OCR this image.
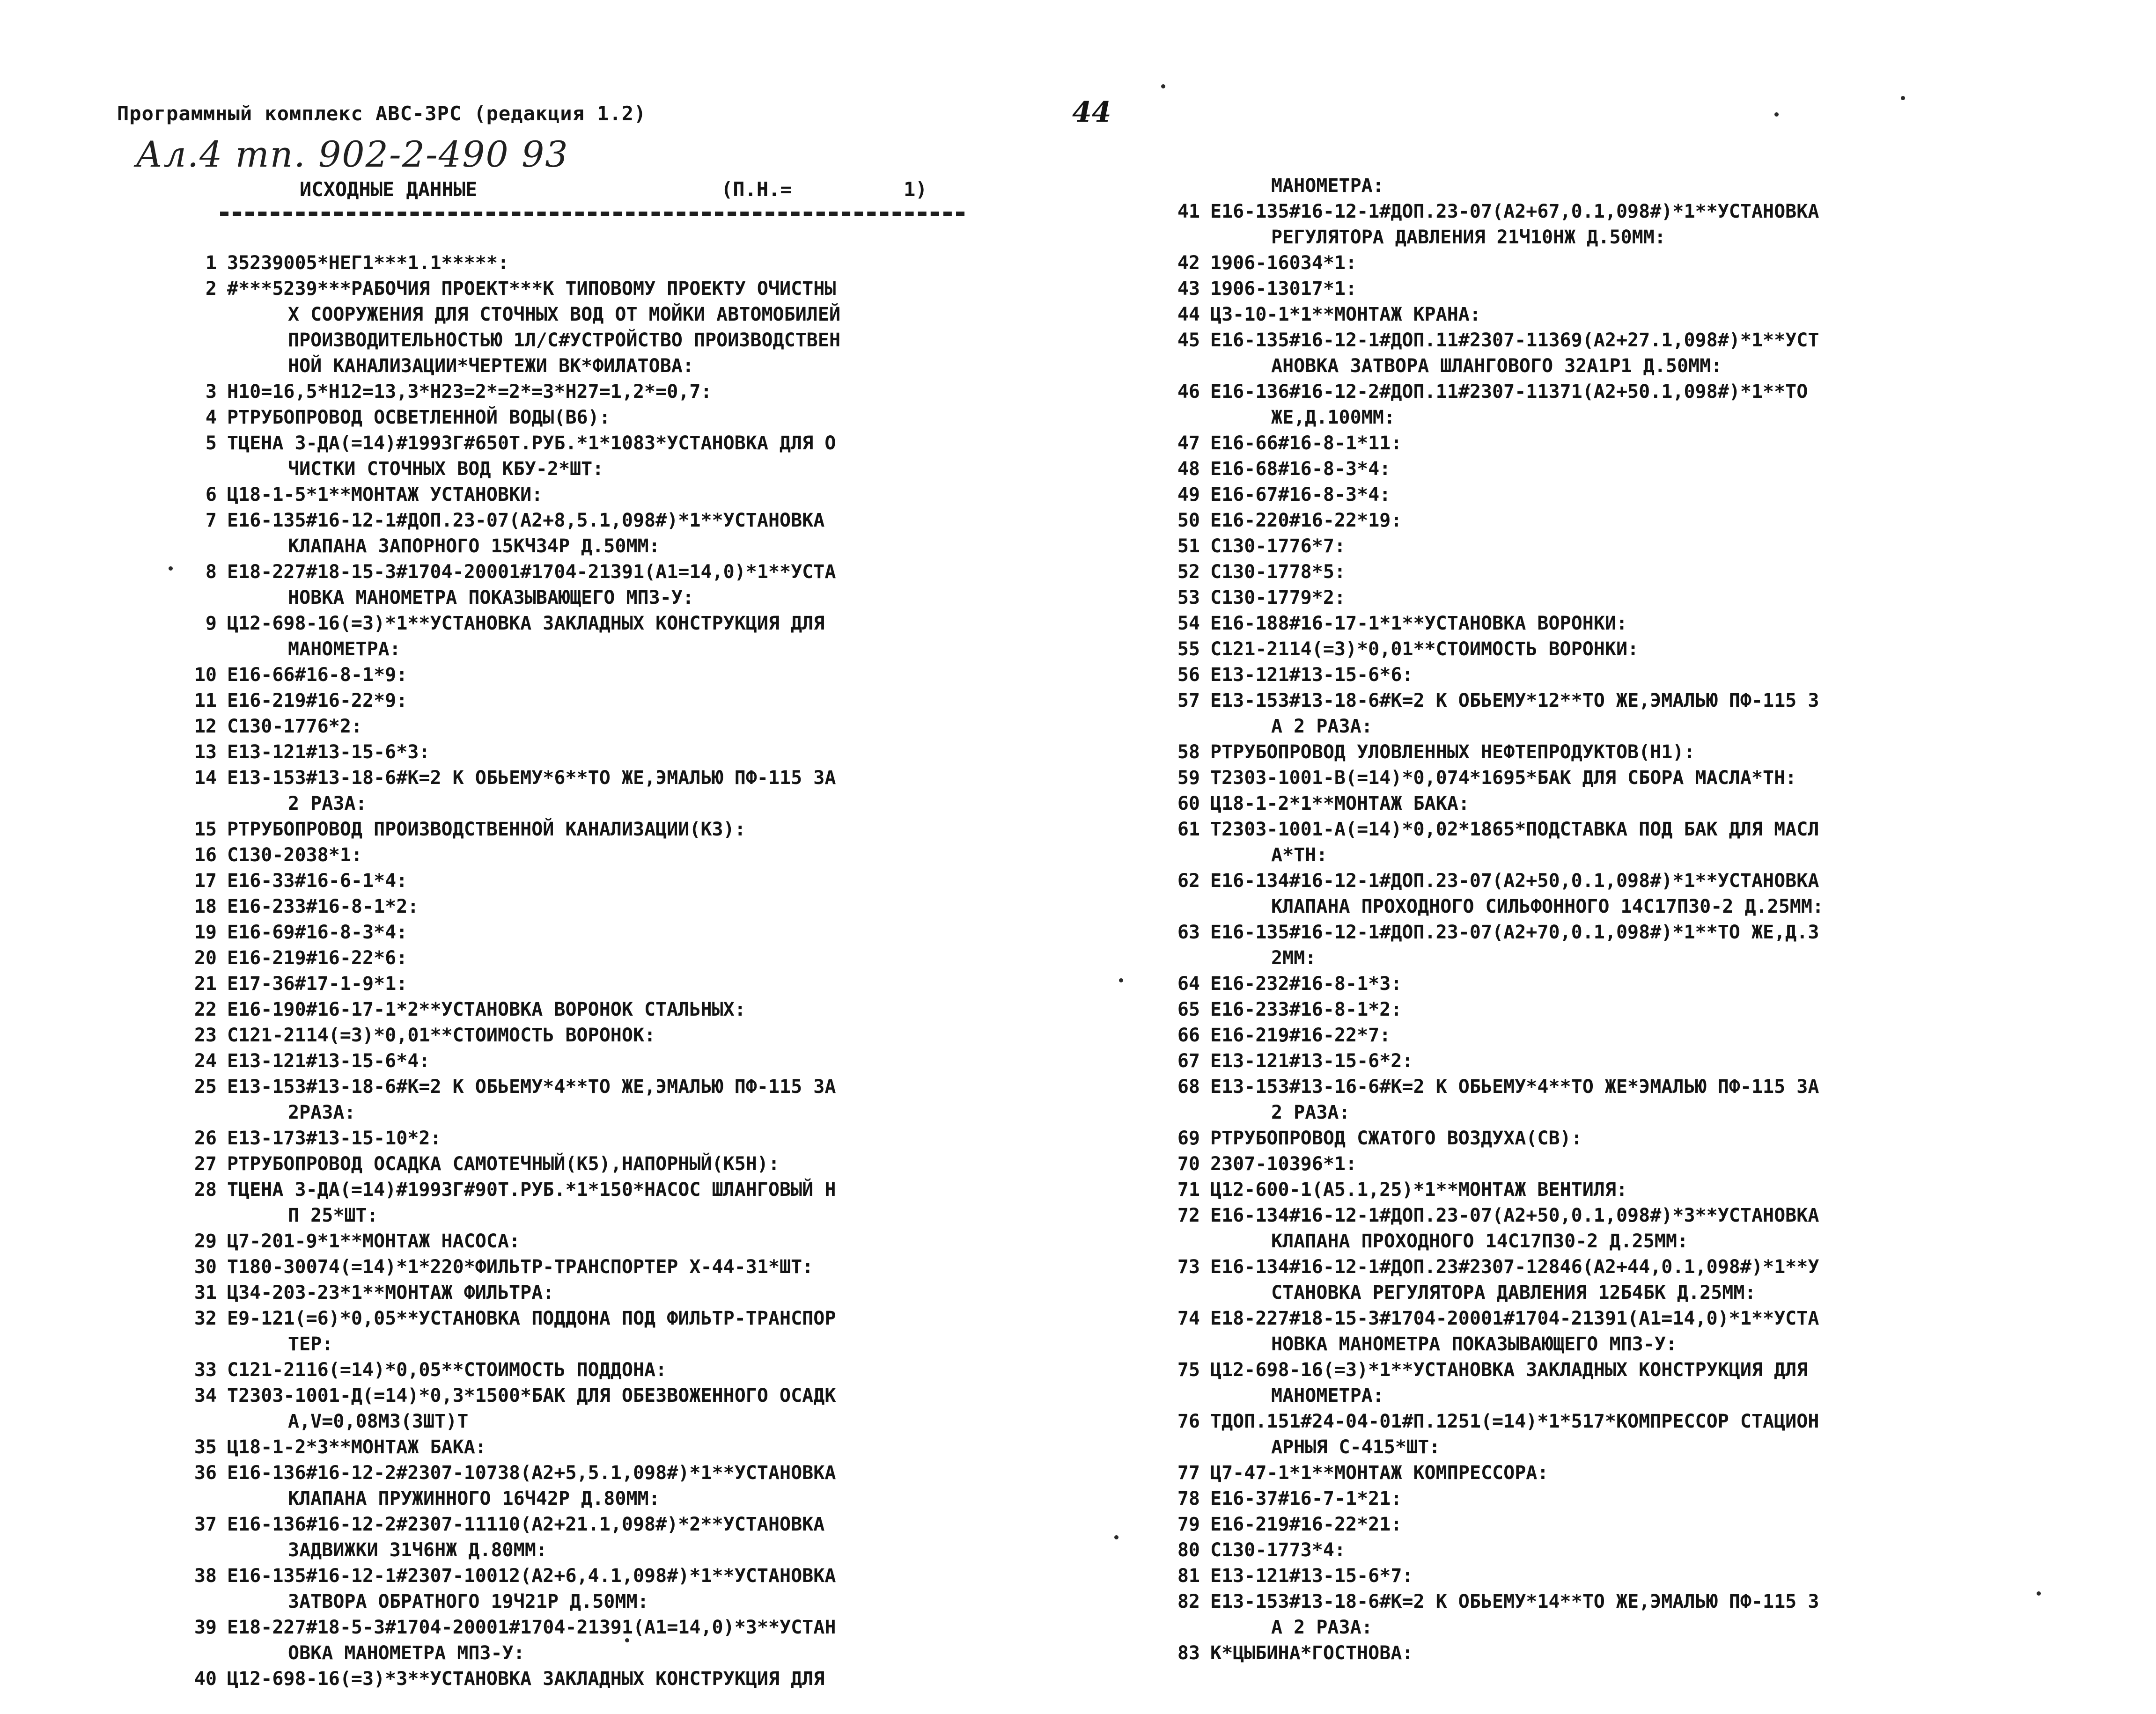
Программный комплекс АВС-3РС (редакция 1.2)
Ал.4 тп. 902-2-490 93
44
ИСХОДНЫЕ ДАННЫЕ	(П.Н.=	1)
1 35239005*НЕГ1***1.1*****:
2 #***5239***РАБОЧИЯ ПРОЕКТ***К ТИПОВОМУ ПРОЕКТУ ОЧИСТНЫ
Х СООРУЖЕНИЯ ДЛЯ СТОЧНЫХ ВОД ОТ МОЙКИ АВТОМОБИЛЕЙ
ПРОИЗВОДИТЕЛЬНОСТЬЮ 1Л/С#УСТРОЙСТВО ПРОИЗВОДСТВЕН
НОЙ КАНАЛИЗАЦИИ*ЧЕРТЕЖИ ВК*ФИЛАТОВА:
3 Н10=16,5*Н12=13,3*Н23=2*=2*=3*Н27=1,2*=0,7:
4 РТРУБОПРОВОД ОСВЕТЛЕННОЙ ВОДЫ(В6):
5 ТЦЕНА 3-ДА(=14)#1993Г#650Т.РУБ.*1*1083*УСТАНОВКА ДЛЯ О
ЧИСТКИ СТОЧНЫХ ВОД КБУ-2*ШТ:
6 Ц18-1-5*1**МОНТАЖ УСТАНОВКИ:
7 Е16-135#16-12-1#ДОП.23-07(А2+8,5.1,098#)*1**УСТАНОВКА
КЛАПАНА ЗАПОРНОГО 15КЧ34Р Д.50ММ:
8 Е18-227#18-15-3#1704-20001#1704-21391(А1=14,0)*1**УСТА
НОВКА МАНОМЕТРА ПОКАЗЫВАЮЩЕГО МПЗ-У:
9 Ц12-698-16(=3)*1**УСТАНОВКА ЗАКЛАДНЫХ КОНСТРУКЦИЯ ДЛЯ
МАНОМЕТРА:
10 Е16-66#16-8-1*9:
11 Е16-219#16-22*9:
12 С130-1776*2:
13 Е13-121#13-15-6*3:
14 Е13-153#13-18-6#К=2 К ОБЬЕМУ*6**ТО ЖЕ,ЭМАЛЬЮ ПФ-115 ЗА
2 РАЗА:
15 РТРУБОПРОВОД ПРОИЗВОДСТВЕННОЙ КАНАЛИЗАЦИИ(К3):
16 С130-2038*1:
17 Е16-33#16-6-1*4:
18 Е16-233#16-8-1*2:
19 Е16-69#16-8-3*4:
20 Е16-219#16-22*6:
21 Е17-36#17-1-9*1:
22 Е16-190#16-17-1*2**УСТАНОВКА ВОРОНОК СТАЛЬНЫХ:
23 С121-2114(=3)*0,01**СТОИМОСТЬ ВОРОНОК:
24 Е13-121#13-15-6*4:
25 Е13-153#13-18-6#К=2 К ОБЬЕМУ*4**ТО ЖЕ,ЭМАЛЬЮ ПФ-115 ЗА
2РАЗА:
26 Е13-173#13-15-10*2:
27 РТРУБОПРОВОД ОСАДКА САМОТЕЧНЫЙ(К5),НАПОРНЫЙ(К5Н):
28 ТЦЕНА 3-ДА(=14)#1993Г#90Т.РУБ.*1*150*НАСОС ШЛАНГОВЫЙ Н
П 25*ШТ:
29 Ц7-201-9*1**МОНТАЖ НАСОСА:
30 Т180-30074(=14)*1*220*ФИЛЬТР-ТРАНСПОРТЕР Х-44-31*ШТ:
31 Ц34-203-23*1**МОНТАЖ ФИЛЬТРА:
32 Е9-121(=6)*0,05**УСТАНОВКА ПОДДОНА ПОД ФИЛЬТР-ТРАНСПОР
ТЕР:
33 С121-2116(=14)*0,05**СТОИМОСТЬ ПОДДОНА:
34 Т2303-1001-Д(=14)*0,3*1500*БАК ДЛЯ ОБЕЗВОЖЕННОГО ОСАДК
А,V=0,08М3(ЗШТ)Т
35 Ц18-1-2*3**МОНТАЖ БАКА:
36 Е16-136#16-12-2#2307-10738(А2+5,5.1,098#)*1**УСТАНОВКА
КЛАПАНА ПРУЖИННОГО 16Ч42Р Д.80ММ:
37 Е16-136#16-12-2#2307-11110(А2+21.1,098#)*2**УСТАНОВКА
ЗАДВИЖКИ 31Ч6НЖ Д.80ММ:
38 Е16-135#16-12-1#2307-10012(А2+6,4.1,098#)*1**УСТАНОВКА
ЗАТВОРА ОБРАТНОГО 19Ч21Р Д.50ММ:
39 Е18-227#18-5-3#1704-20001#1704-21391(А1=14,0)*3**УСТАН
ОВКА МАНОМЕТРА МПЗ-У:
40 Ц12-698-16(=3)*3**УСТАНОВКА ЗАКЛАДНЫХ КОНСТРУКЦИЯ ДЛЯ
МАНОМЕТРА:
41 Е16-135#16-12-1#ДОП.23-07(А2+67,0.1,098#)*1**УСТАНОВКА
РЕГУЛЯТОРА ДАВЛЕНИЯ 21Ч10НЖ Д.50ММ:
42 1906-16034*1:
43 1906-13017*1:
44 Ц3-10-1*1**МОНТАЖ КРАНА:
45 Е16-135#16-12-1#ДОП.11#2307-11369(А2+27.1,098#)*1**УСТ
АНОВКА ЗАТВОРА ШЛАНГОВОГО 32А1Р1 Д.50ММ:
46 Е16-136#16-12-2#ДОП.11#2307-11371(А2+50.1,098#)*1**ТО
ЖЕ,Д.100ММ:
47 Е16-66#16-8-1*11:
48 Е16-68#16-8-3*4:
49 Е16-67#16-8-3*4:
50 Е16-220#16-22*19:
51 С130-1776*7:
52 С130-1778*5:
53 С130-1779*2:
54 Е16-188#16-17-1*1**УСТАНОВКА ВОРОНКИ:
55 С121-2114(=3)*0,01**СТОИМОСТЬ ВОРОНКИ:
56 Е13-121#13-15-6*6:
57 Е13-153#13-18-6#К=2 К ОБЬЕМУ*12**ТО ЖЕ,ЭМАЛЬЮ ПФ-115 З
А 2 РАЗА:
58 РТРУБОПРОВОД УЛОВЛЕННЫХ НЕФТЕПРОДУКТОВ(Н1):
59 Т2303-1001-В(=14)*0,074*1695*БАК ДЛЯ СБОРА МАСЛА*ТН:
60 Ц18-1-2*1**МОНТАЖ БАКА:
61 Т2303-1001-А(=14)*0,02*1865*ПОДСТАВКА ПОД БАК ДЛЯ МАСЛ
А*ТН:
62 Е16-134#16-12-1#ДОП.23-07(А2+50,0.1,098#)*1**УСТАНОВКА
КЛАПАНА ПРОХОДНОГО СИЛЬФОННОГО 14С17П30-2 Д.25ММ:
63 Е16-135#16-12-1#ДОП.23-07(А2+70,0.1,098#)*1**ТО ЖЕ,Д.3
2ММ:
64 Е16-232#16-8-1*3:
65 Е16-233#16-8-1*2:
66 Е16-219#16-22*7:
67 Е13-121#13-15-6*2:
68 Е13-153#13-16-6#К=2 К ОБЬЕМУ*4**ТО ЖЕ*ЭМАЛЬЮ ПФ-115 ЗА
2 РАЗА:
69 РТРУБОПРОВОД СЖАТОГО ВОЗДУХА(СВ):
70 2307-10396*1:
71 Ц12-600-1(А5.1,25)*1**МОНТАЖ ВЕНТИЛЯ:
72 Е16-134#16-12-1#ДОП.23-07(А2+50,0.1,098#)*3**УСТАНОВКА
КЛАПАНА ПРОХОДНОГО 14С17П30-2 Д.25ММ:
73 Е16-134#16-12-1#ДОП.23#2307-12846(А2+44,0.1,098#)*1**У
СТАНОВКА РЕГУЛЯТОРА ДАВЛЕНИЯ 12Б4БК Д.25ММ:
74 Е18-227#18-15-3#1704-20001#1704-21391(А1=14,0)*1**УСТА
НОВКА МАНОМЕТРА ПОКАЗЫВАЮЩЕГО МПЗ-У:
75 Ц12-698-16(=3)*1**УСТАНОВКА ЗАКЛАДНЫХ КОНСТРУКЦИЯ ДЛЯ
МАНОМЕТРА:
76 ТДОП.151#24-04-01#П.1251(=14)*1*517*КОМПРЕССОР СТАЦИОН
АРНЫЯ С-415*ШТ:
77 Ц7-47-1*1**МОНТАЖ КОМПРЕССОРА:
78 Е16-37#16-7-1*21:
79 Е16-219#16-22*21:
80 С130-1773*4:
81 Е13-121#13-15-6*7:
82 Е13-153#13-18-6#К=2 К ОБЬЕМУ*14**ТО ЖЕ,ЭМАЛЬЮ ПФ-115 З
А 2 РАЗА:
83 К*ЦЫБИНА*ГОСТНОВА:
